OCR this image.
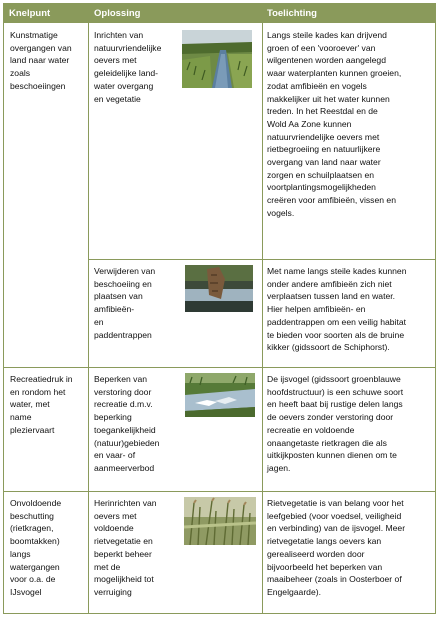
Knelpunt	Oplossing	Toelichting
Kunstmatige
overgangen van
land naar water
zoals
beschoeiingen
Inrichten van
natuurvriendelijke
oevers met
geleidelijke land-
water overgang
en vegetatie
Langs steile kades kan drijvend
groen of een 'vooroever' van
wilgentenen worden aangelegd
waar waterplanten kunnen groeien,
zodat amfibieën en vogels
makkelijker uit het water kunnen
treden. In het Reestdal en de
Wold Aa Zone kunnen
natuurvriendelijke oevers met
rietbegroeiing en natuurlijkere
overgang van land naar water
zorgen en schuilplaatsen en
voortplantingsmogelijkheden
creëren voor amfibieën, vissen en
vogels.
Verwijderen van
beschoeiing en
plaatsen van
amfibieën-
en
paddentrappen
Met name langs steile kades kunnen
onder andere amfibieën zich niet
verplaatsen tussen land en water.
Hier helpen amfibieën- en
paddentrappen om een veilig habitat
te bieden voor soorten als de bruine
kikker (gidssoort de Schiphorst).
Recreatiedruk in
en rondom het
water, met
name
pleziervaart
Beperken van
verstoring door
recreatie d.m.v.
beperking
toegankelijkheid
(natuur)gebieden
en vaar- of
aanmeerverbod
De ijsvogel (gidssoort groenblauwe
hoofdstructuur) is een schuwe soort
en heeft baat bij rustige delen langs
de oevers zonder verstoring door
recreatie en voldoende
onaangetaste rietkragen die als
uitkijkposten kunnen dienen om te
jagen.
Onvoldoende
beschutting
(rietkragen,
boomtakken)
langs
watergangen
voor o.a. de
IJsvogel
Herinrichten van
oevers met
voldoende
rietvegetatie en
beperkt beheer
met de
mogelijkheid tot
verruiging
Rietvegetatie is van belang voor het
leefgebied (voor voedsel, veiligheid
en verbinding) van de ijsvogel. Meer
rietvegetatie langs oevers kan
gerealiseerd worden door
bijvoorbeeld het beperken van
maaibeheer (zoals in Oosterboer of
Engelgaarde).
